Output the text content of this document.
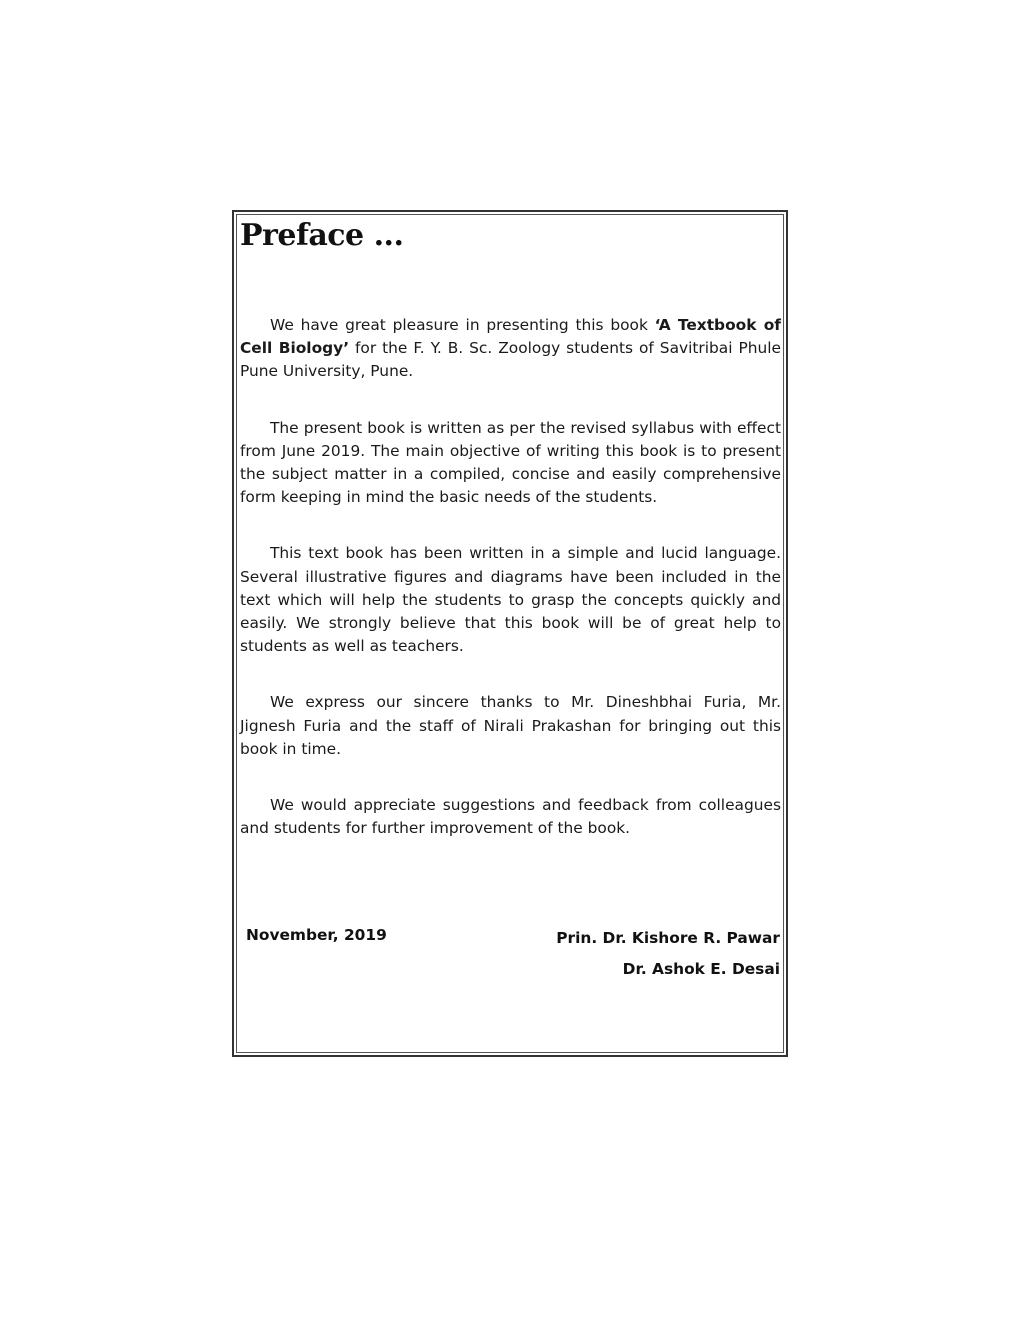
Preface ...

We have great pleasure in presenting this book ‘A Textbook of Cell Biology’ for the F. Y. B. Sc. Zoology students of Savitribai Phule Pune University, Pune.

The present book is written as per the revised syllabus with effect from June 2019. The main objective of writing this book is to present the subject matter in a compiled, concise and easily comprehensive form keeping in mind the basic needs of the students.

This text book has been written in a simple and lucid language. Several illustrative figures and diagrams have been included in the text which will help the students to grasp the concepts quickly and easily. We strongly believe that this book will be of great help to students as well as teachers.

We express our sincere thanks to Mr. Dineshbhai Furia, Mr. Jignesh Furia and the staff of Nirali Prakashan for bringing out this book in time.

We would appreciate suggestions and feedback from colleagues and students for further improvement of the book.

November, 2019	Prin. Dr. Kishore R. Pawar
Dr. Ashok E. Desai
